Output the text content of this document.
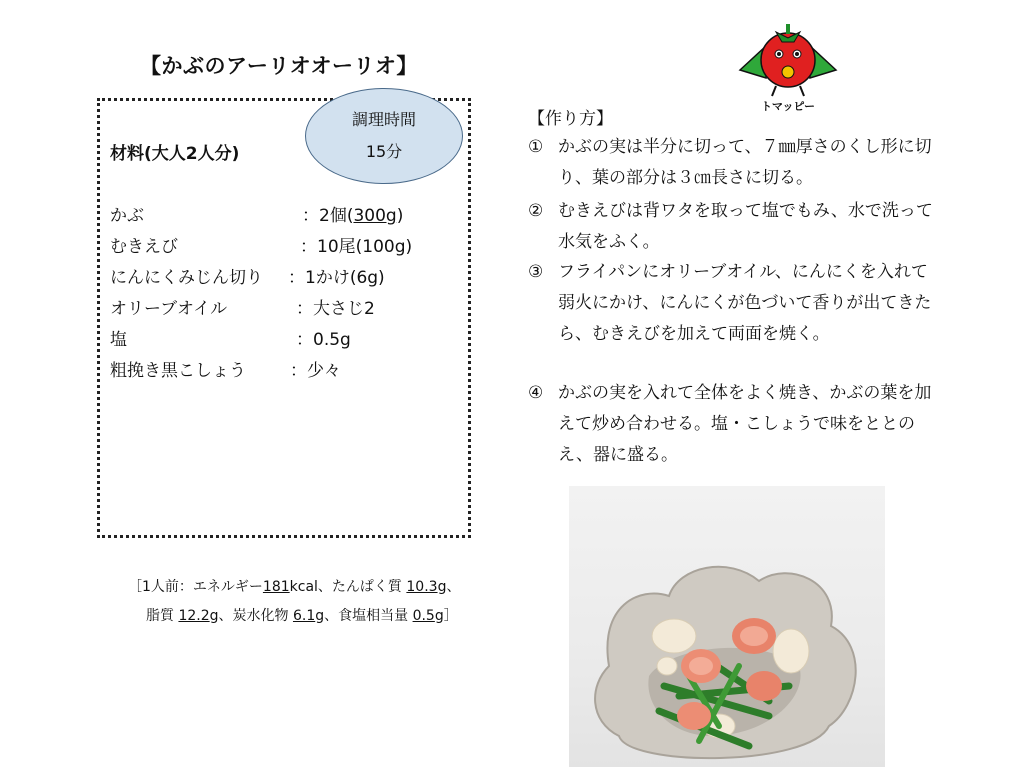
【かぶのアーリオオーリオ】
調理時間
15分
材料(大人2人分)
かぶ	：2個(300g)
むきえび	：10尾(100g)
にんにくみじん切り ：1かけ(6g)
オリーブオイル	：大さじ2
塩	：0.5g
粗挽き黒こしょう	：少々
［1人前：エネルギー181kcal、たんぱく質 10.3g、
脂質 12.2g、炭水化物 6.1g、食塩相当量 0.5g］
【作り方】
① かぶの実は半分に切って、７㎜厚さのくし形に切り、葉の部分は３㎝長さに切る。
② むきえびは背ワタを取って塩でもみ、水で洗って水気をふく。
③ フライパンにオリーブオイル、にんにくを入れて弱火にかけ、にんにくが色づいて香りが出てきたら、むきえびを加えて両面を焼く。
④ かぶの実を入れて全体をよく焼き、かぶの葉を加えて炒め合わせる。塩・こしょうで味をととのえ、器に盛る。
トマッピー
